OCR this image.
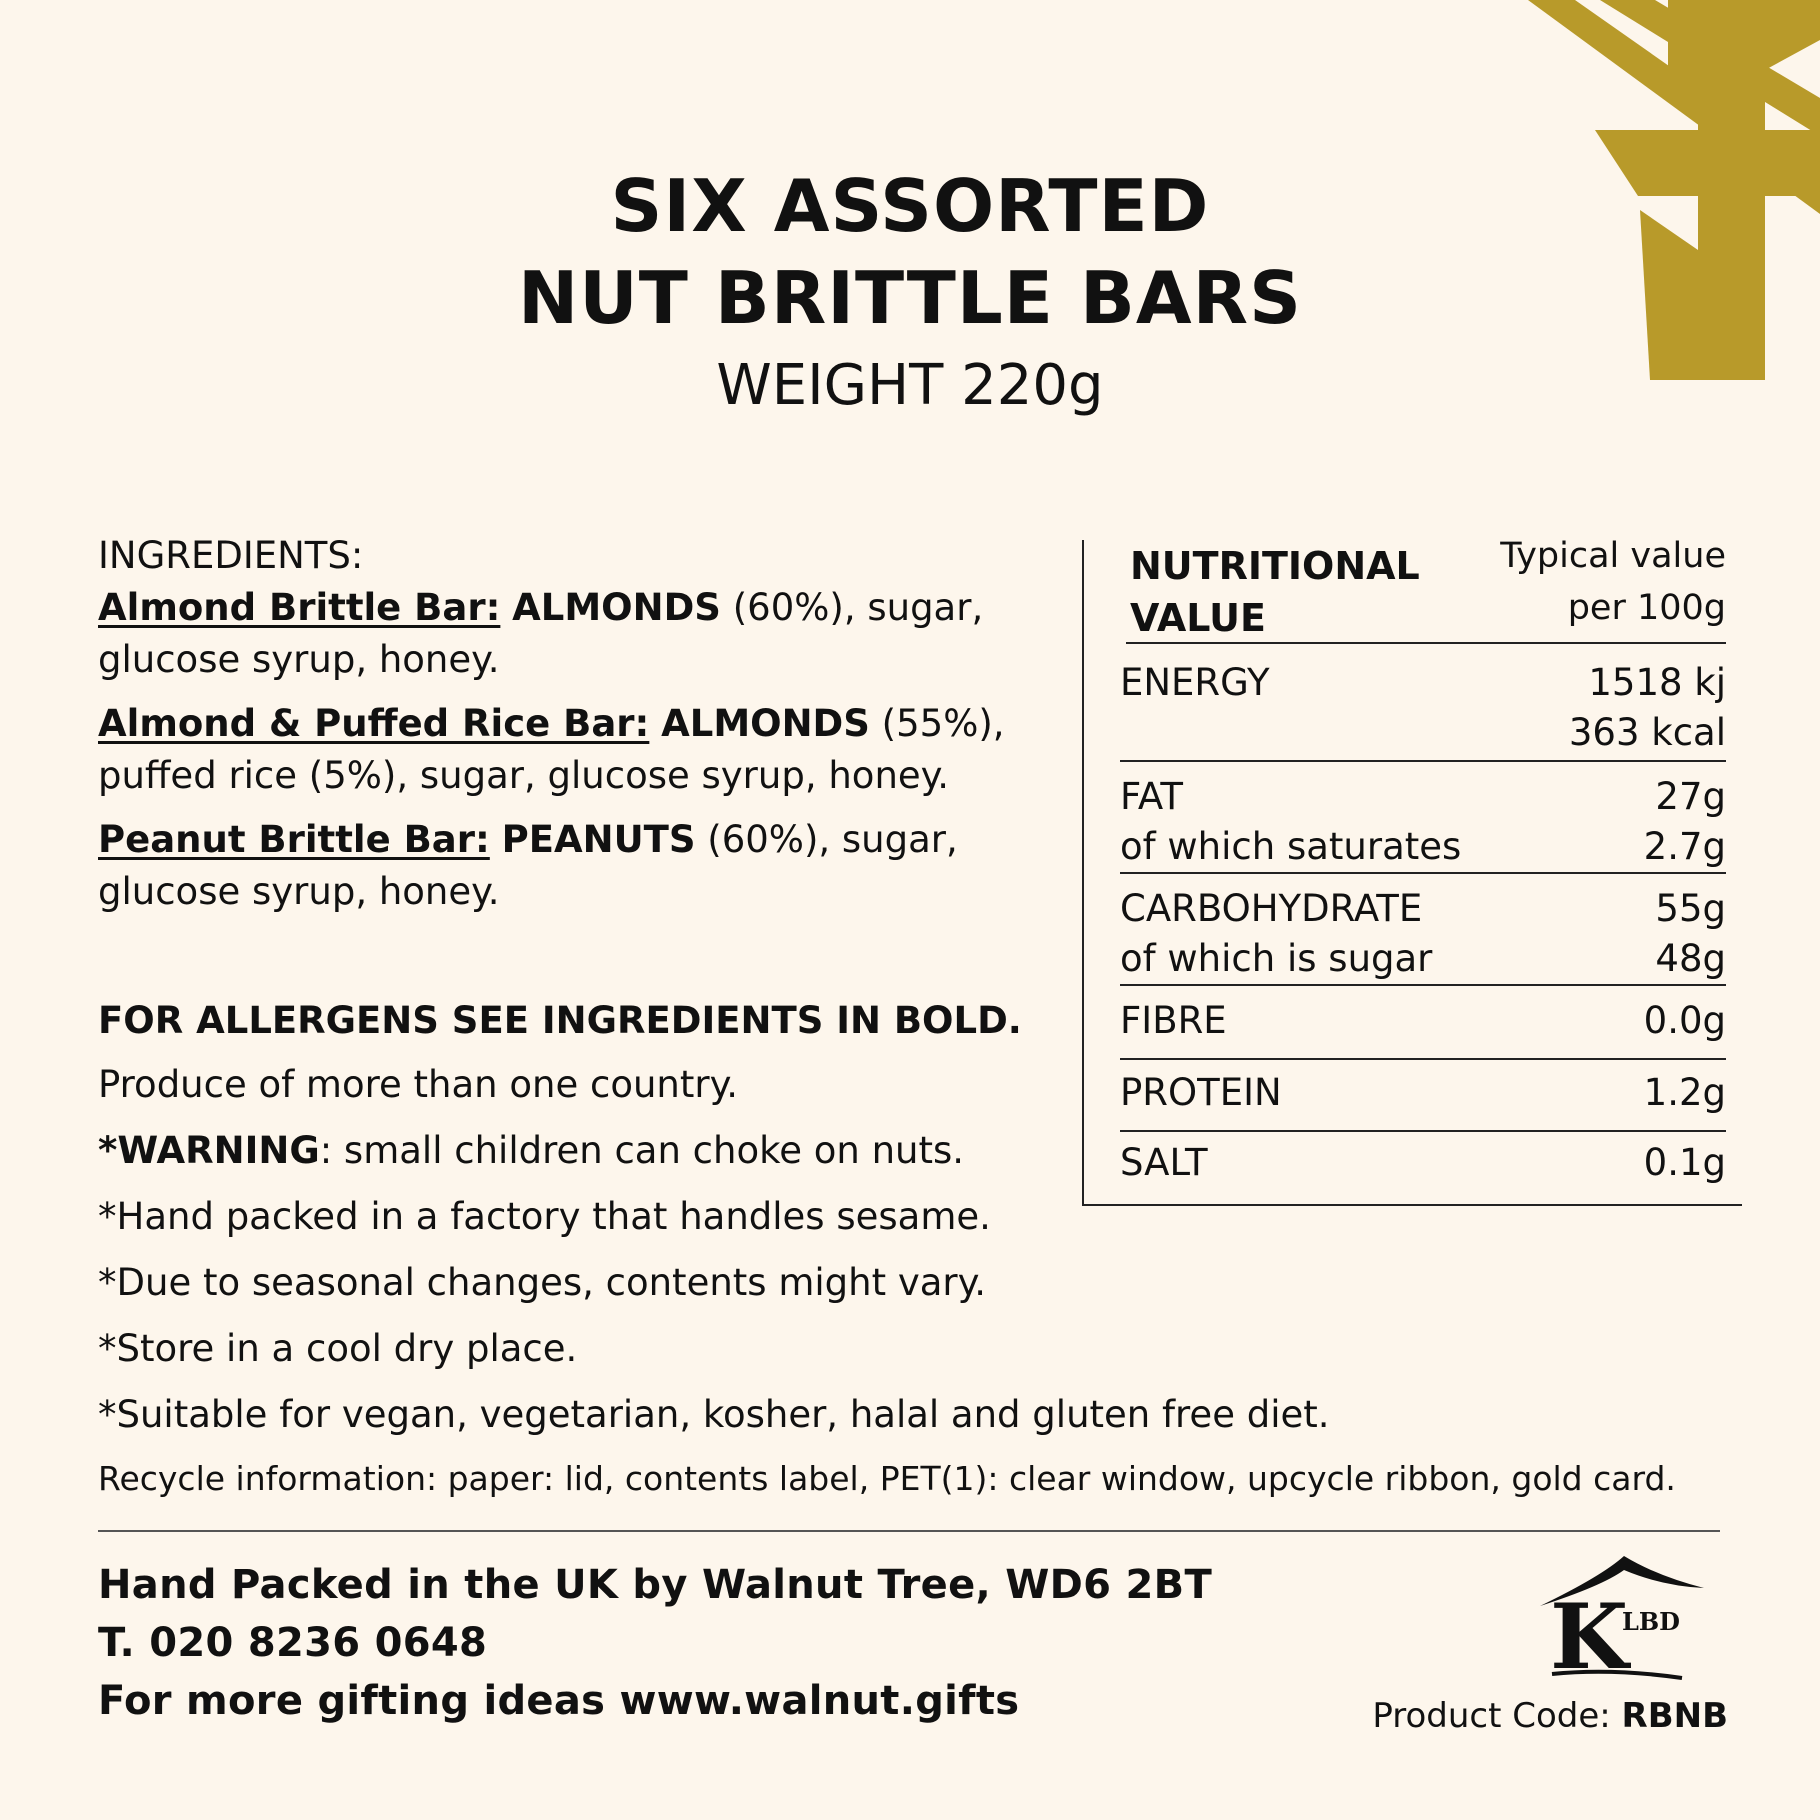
SIX ASSORTED
NUT BRITTLE BARS
WEIGHT 220g
INGREDIENTS:
Almond Brittle Bar: ALMONDS (60%), sugar, glucose syrup, honey.
Almond & Puffed Rice Bar: ALMONDS (55%), puffed rice (5%), sugar, glucose syrup, honey.
Peanut Brittle Bar: PEANUTS (60%), sugar, glucose syrup, honey.
FOR ALLERGENS SEE INGREDIENTS IN BOLD.
Produce of more than one country.
*WARNING: small children can choke on nuts.
*Hand packed in a factory that handles sesame.
*Due to seasonal changes, contents might vary.
*Store in a cool dry place.
*Suitable for vegan, vegetarian, kosher, halal and gluten free diet.
Recycle information: paper: lid, contents label, PET(1): clear window, upcycle ribbon, gold card.
NUTRITIONAL
VALUE
Typical value
per 100g
ENERGY	1518 kj
363 kcal
FAT	27g
of which saturates	2.7g
CARBOHYDRATE	55g
of which is sugar	48g
FIBRE	0.0g
PROTEIN	1.2g
SALT	0.1g
Hand Packed in the UK by Walnut Tree, WD6 2BT
T. 020 8236 0648
For more gifting ideas www.walnut.gifts
K
LBD
Product Code: RBNB
